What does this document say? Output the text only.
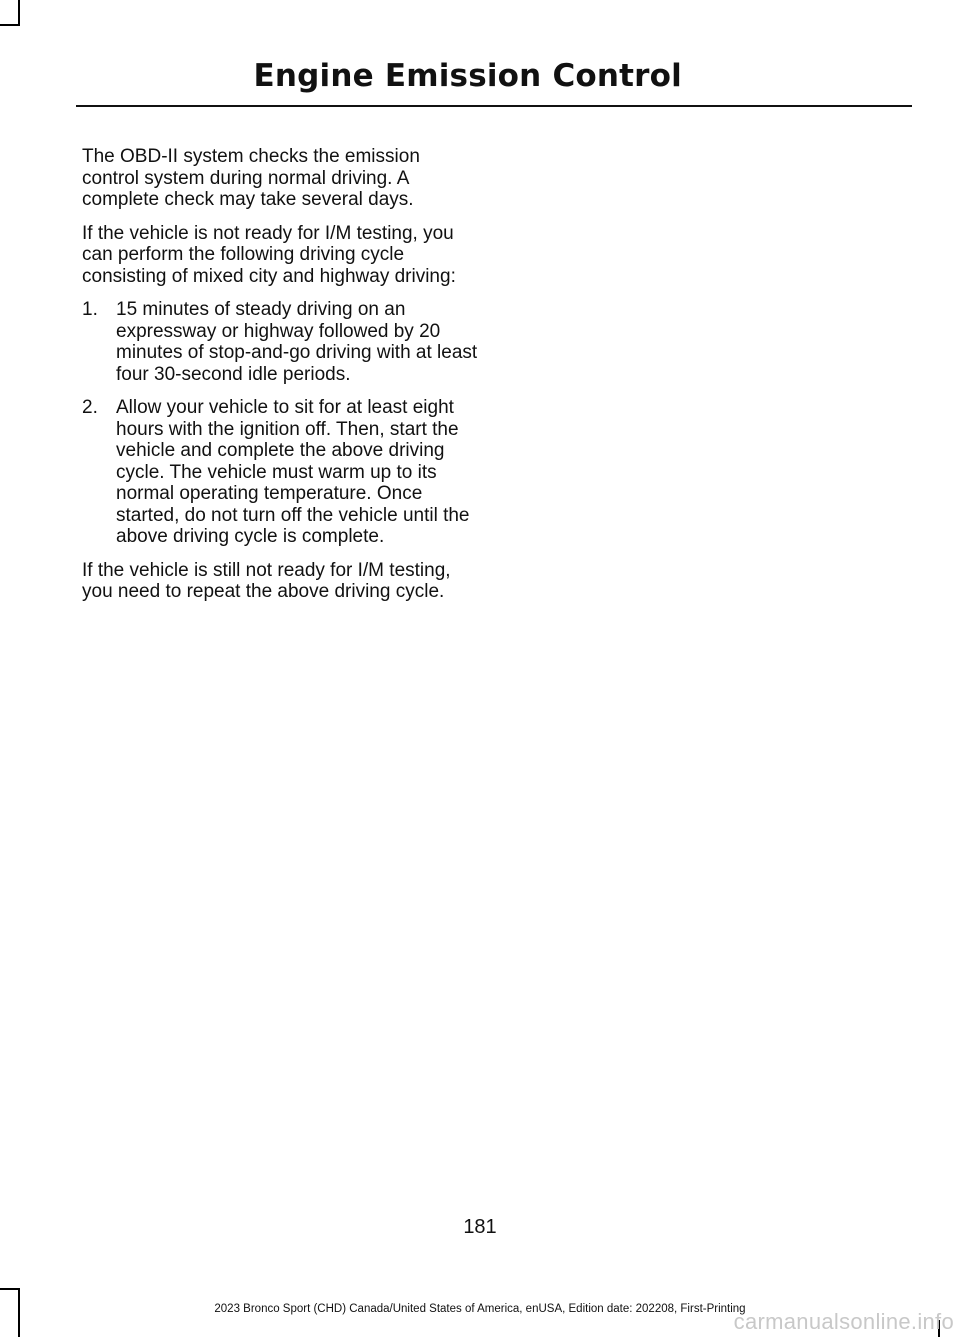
Engine Emission Control

The OBD-II system checks the emission control system during normal driving. A complete check may take several days.

If the vehicle is not ready for I/M testing, you can perform the following driving cycle consisting of mixed city and highway driving:

1. 15 minutes of steady driving on an expressway or highway followed by 20 minutes of stop-and-go driving with at least four 30-second idle periods.
2. Allow your vehicle to sit for at least eight hours with the ignition off. Then, start the vehicle and complete the above driving cycle. The vehicle must warm up to its normal operating temperature. Once started, do not turn off the vehicle until the above driving cycle is complete.

If the vehicle is still not ready for I/M testing, you need to repeat the above driving cycle.

181
2023 Bronco Sport (CHD) Canada/United States of America, enUSA, Edition date: 202208, First-Printing
carmanualsonline.info
